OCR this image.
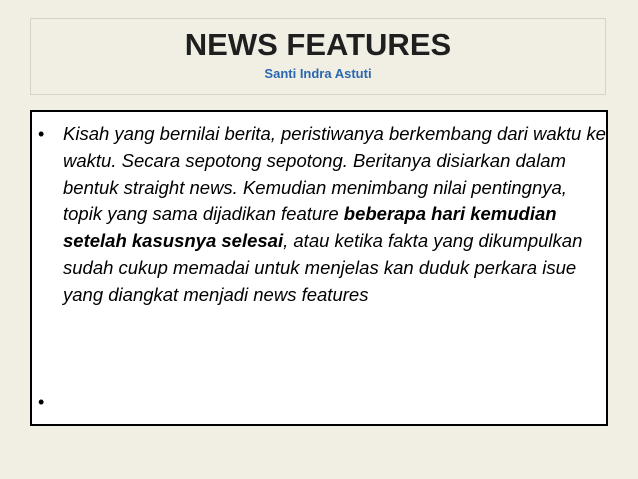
NEWS FEATURES
Santi Indra Astuti
• Kisah yang bernilai berita, peristiwanya berkembang dari waktu ke waktu. Secara sepotong sepotong. Beritanya disiarkan dalam bentuk straight news. Kemudian menimbang nilai pentingnya, topik yang sama dijadikan feature beberapa hari kemudian setelah kasusnya selesai, atau ketika fakta yang dikumpulkan sudah cukup memadai untuk menjelas kan duduk perkara isue yang diangkat menjadi news features

•
